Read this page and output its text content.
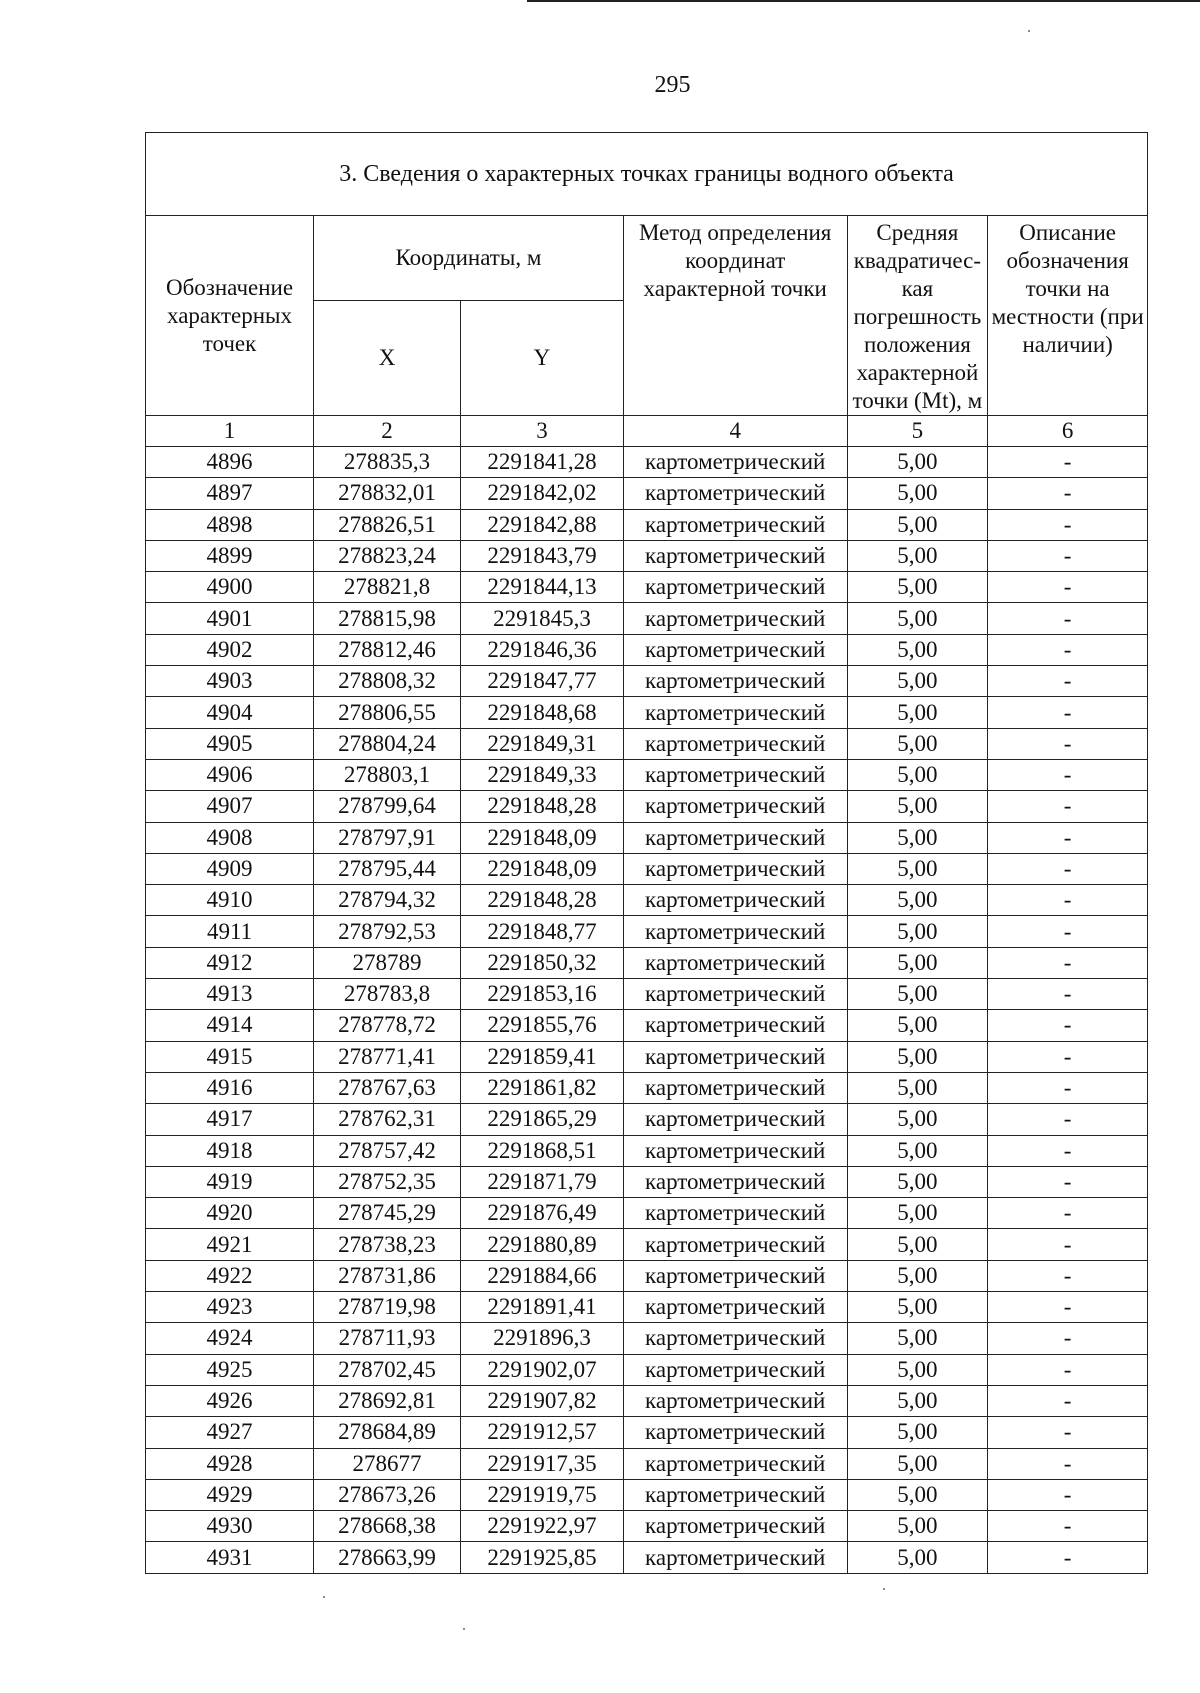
295
3. Сведения о характерных точках границы водного объекта					
Обозначение характерных точек	Координаты, м		Метод определения координат характерной точки	Средняя квадратичес-кая погрешность положения характерной точки (Mt), м	Описание обозначения точки на местности (при наличии)
	X	Y			
1	2	3	4	5	6
4896	278835,3	2291841,28	картометрический	5,00	-
4897	278832,01	2291842,02	картометрический	5,00	-
4898	278826,51	2291842,88	картометрический	5,00	-
4899	278823,24	2291843,79	картометрический	5,00	-
4900	278821,8	2291844,13	картометрический	5,00	-
4901	278815,98	2291845,3	картометрический	5,00	-
4902	278812,46	2291846,36	картометрический	5,00	-
4903	278808,32	2291847,77	картометрический	5,00	-
4904	278806,55	2291848,68	картометрический	5,00	-
4905	278804,24	2291849,31	картометрический	5,00	-
4906	278803,1	2291849,33	картометрический	5,00	-
4907	278799,64	2291848,28	картометрический	5,00	-
4908	278797,91	2291848,09	картометрический	5,00	-
4909	278795,44	2291848,09	картометрический	5,00	-
4910	278794,32	2291848,28	картометрический	5,00	-
4911	278792,53	2291848,77	картометрический	5,00	-
4912	278789	2291850,32	картометрический	5,00	-
4913	278783,8	2291853,16	картометрический	5,00	-
4914	278778,72	2291855,76	картометрический	5,00	-
4915	278771,41	2291859,41	картометрический	5,00	-
4916	278767,63	2291861,82	картометрический	5,00	-
4917	278762,31	2291865,29	картометрический	5,00	-
4918	278757,42	2291868,51	картометрический	5,00	-
4919	278752,35	2291871,79	картометрический	5,00	-
4920	278745,29	2291876,49	картометрический	5,00	-
4921	278738,23	2291880,89	картометрический	5,00	-
4922	278731,86	2291884,66	картометрический	5,00	-
4923	278719,98	2291891,41	картометрический	5,00	-
4924	278711,93	2291896,3	картометрический	5,00	-
4925	278702,45	2291902,07	картометрический	5,00	-
4926	278692,81	2291907,82	картометрический	5,00	-
4927	278684,89	2291912,57	картометрический	5,00	-
4928	278677	2291917,35	картометрический	5,00	-
4929	278673,26	2291919,75	картометрический	5,00	-
4930	278668,38	2291922,97	картометрический	5,00	-
4931	278663,99	2291925,85	картометрический	5,00	-
